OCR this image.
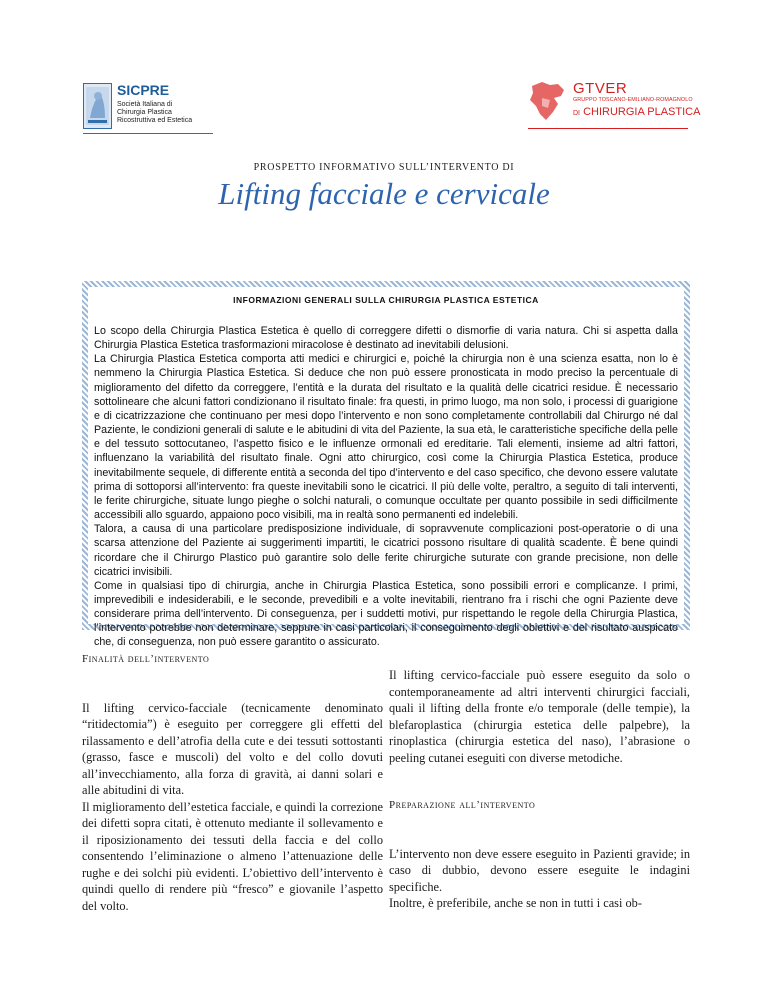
SICPRE
Società Italiana di
Chirurgia Plastica
Ricostruttiva ed Estetica
GTVER
GRUPPO TOSCANO-EMILIANO-ROMAGNOLO
DI CHIRURGIA PLASTICA
PROSPETTO INFORMATIVO SULL’INTERVENTO DI
Lifting facciale e cervicale
INFORMAZIONI GENERALI SULLA CHIRURGIA PLASTICA ESTETICA

Lo scopo della Chirurgia Plastica Estetica è quello di correggere difetti o dismorfie di varia natura. Chi si aspetta dalla Chirurgia Plastica Estetica trasformazioni miracolose è destinato ad inevitabili delusioni.

La Chirurgia Plastica Estetica comporta atti medici e chirurgici e, poiché la chirurgia non è una scienza esatta, non lo è nemmeno la Chirurgia Plastica Estetica. Si deduce che non può essere pronosticata in modo preciso la percentuale di miglioramento del difetto da correggere, l’entità e la durata del risultato e la qualità delle cicatrici residue. È necessario sottolineare che alcuni fattori condizionano il risultato finale: fra questi, in primo luogo, ma non solo, i processi di guarigione e di cicatrizzazione che continuano per mesi dopo l’intervento e non sono completamente controllabili dal Chirurgo né dal Paziente, le condizioni generali di salute e le abitudini di vita del Paziente, la sua età, le caratteristiche specifiche della pelle e del tessuto sottocutaneo, l’aspetto fisico e le influenze ormonali ed ereditarie. Tali elementi, insieme ad altri fattori, influenzano la variabilità del risultato finale. Ogni atto chirurgico, così come la Chirurgia Plastica Estetica, produce inevitabilmente sequele, di differente entità a seconda del tipo d’intervento e del caso specifico, che devono essere valutate prima di sottoporsi all’intervento: fra queste inevitabili sono le cicatrici. Il più delle volte, peraltro, a seguito di tali interventi, le ferite chirurgiche, situate lungo pieghe o solchi naturali, o comunque occultate per quanto possibile in sedi difficilmente accessibili allo sguardo, appaiono poco visibili, ma in realtà sono permanenti ed indelebili.

Talora, a causa di una particolare predisposizione individuale, di sopravvenute complicazioni post-operatorie o di una scarsa attenzione del Paziente ai suggerimenti impartiti, le cicatrici possono risultare di qualità scadente. È bene quindi ricordare che il Chirurgo Plastico può garantire solo delle ferite chirurgiche suturate con grande precisione, non delle cicatrici invisibili.

Come in qualsiasi tipo di chirurgia, anche in Chirurgia Plastica Estetica, sono possibili errori e complicanze. I primi, imprevedibili e indesiderabili, e le seconde, prevedibili e a volte inevitabili, rientrano fra i rischi che ogni Paziente deve considerare prima dell’intervento. Di conseguenza, per i suddetti motivi, pur rispettando le regole della Chirurgia Plastica, l’intervento potrebbe non determinare, seppure in casi particolari, il conseguimento degli obiettivi e del risultato auspicato che, di conseguenza, non può essere garantito o assicurato.

Finalità dell’intervento

Il lifting cervico-facciale (tecnicamente denominato “ritidectomia”) è eseguito per correggere gli effetti del rilassamento e dell’atrofia della cute e dei tessuti sottostanti (grasso, fasce e muscoli) del volto e del collo dovuti all’invecchiamento, alla forza di gravità, ai danni solari e alle abitudini di vita.

Il miglioramento dell’estetica facciale, e quindi la correzione dei difetti sopra citati, è ottenuto mediante il sollevamento e il riposizionamento dei tessuti della faccia e del collo consentendo l’eliminazione o almeno l’attenuazione delle rughe e dei solchi più evidenti. L’obiettivo dell’intervento è quindi quello di rendere più “fresco” e giovanile l’aspetto del volto.

Il lifting cervico-facciale può essere eseguito da solo o contemporaneamente ad altri interventi chirurgici facciali, quali il lifting della fronte e/o temporale (delle tempie), la blefaroplastica (chirurgia estetica delle palpebre), la rinoplastica (chirurgia estetica del naso), l’abrasione o peeling cutanei eseguiti con diverse metodiche.

Preparazione all’intervento

L’intervento non deve essere eseguito in Pazienti gravide; in caso di dubbio, devono essere eseguite le indagini specifiche.

Inoltre, è preferibile, anche se non in tutti i casi ob-
